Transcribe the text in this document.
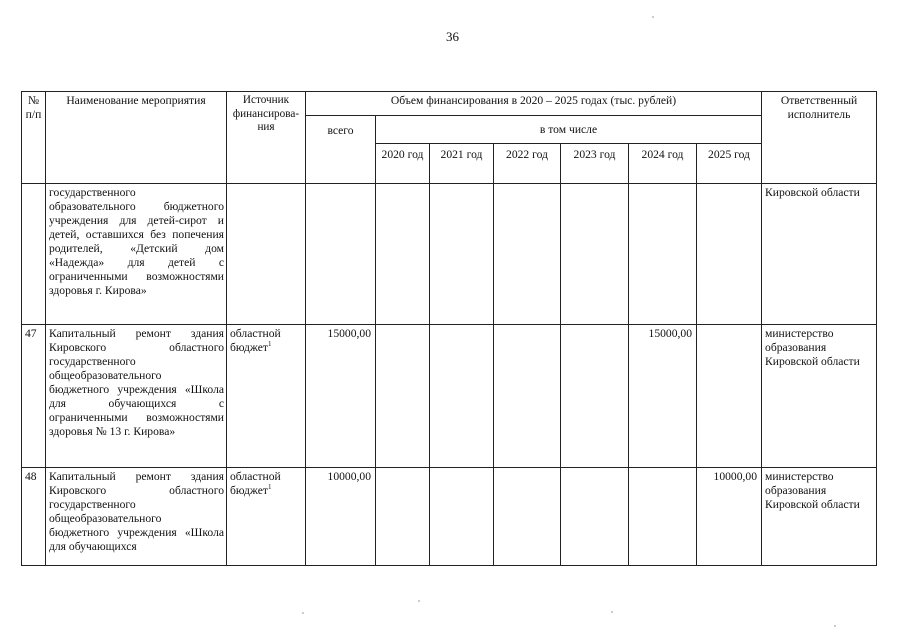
36
№ п/п	Наименование мероприятия	Источник финансирова-ния	Объем финансирования в 2020 – 2025 годах (тыс. рублей)							Ответственный исполнитель
			всего	в том числе						
				2020 год	2021 год	2022 год	2023 год	2024 год	2025 год	
	государственного образовательного бюджетного учреждения для детей-сирот и детей, оставшихся без попечения родителей, «Детский дом «Надежда» для детей с ограниченными возможностями здоровья г. Кирова»									Кировской области
47	Капитальный ремонт здания Кировского областного государственного общеобразовательного бюджетного учреждения «Школа для обучающихся с ограниченными возможностями здоровья № 13 г. Кирова»	областной бюджет$^1$	15000,00					15000,00		министерство образования Кировской области
48	Капитальный ремонт здания Кировского областного государственного общеобразовательного бюджетного учреждения «Школа для обучающихся	областной бюджет$^1$	10000,00						10000,00	министерство образования Кировской области
